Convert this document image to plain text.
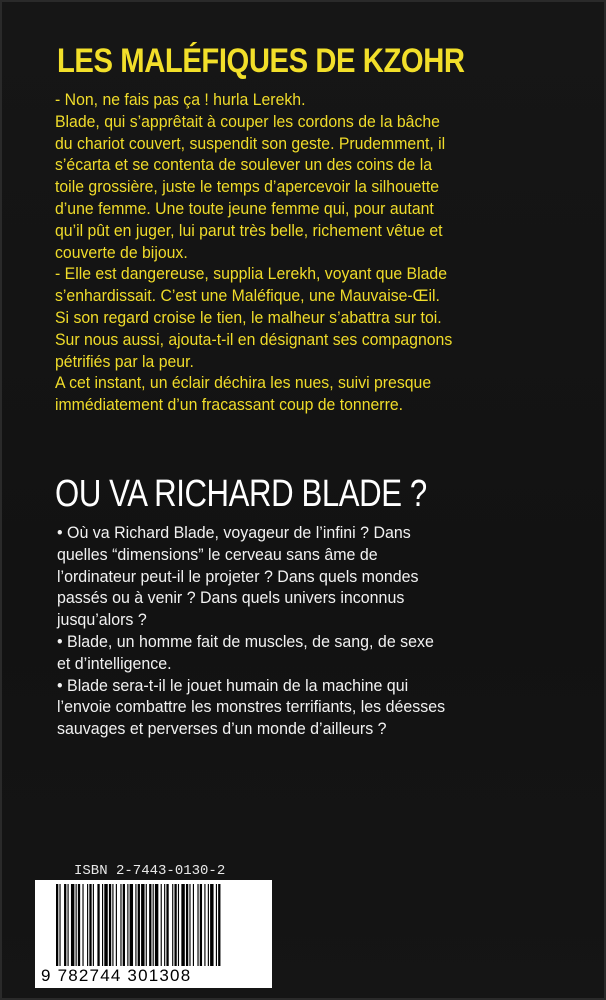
LES MALÉFIQUES DE KZOHR
- Non, ne fais pas ça ! hurla Lerekh.
Blade, qui s’apprêtait à couper les cordons de la bâche
du chariot couvert, suspendit son geste. Prudemment, il
s’écarta et se contenta de soulever un des coins de la
toile grossière, juste le temps d’apercevoir la silhouette
d’une femme. Une toute jeune femme qui, pour autant
qu’il pût en juger, lui parut très belle, richement vêtue et
couverte de bijoux.
- Elle est dangereuse, supplia Lerekh, voyant que Blade
s’enhardissait. C’est une Maléfique, une Mauvaise-Œil.
Si son regard croise le tien, le malheur s’abattra sur toi.
Sur nous aussi, ajouta-t-il en désignant ses compagnons
pétrifiés par la peur.
A cet instant, un éclair déchira les nues, suivi presque
immédiatement d’un fracassant coup de tonnerre.
OU VA RICHARD BLADE ?
• Où va Richard Blade, voyageur de l’infini ? Dans
quelles “dimensions” le cerveau sans âme de
l’ordinateur peut-il le projeter ? Dans quels mondes
passés ou à venir ? Dans quels univers inconnus
jusqu’alors ?
• Blade, un homme fait de muscles, de sang, de sexe
et d’intelligence.
• Blade sera-t-il le jouet humain de la machine qui
l’envoie combattre les monstres terrifiants, les déesses
sauvages et perverses d’un monde d’ailleurs ?
ISBN 2-7443-0130-2
9 782744 301308
